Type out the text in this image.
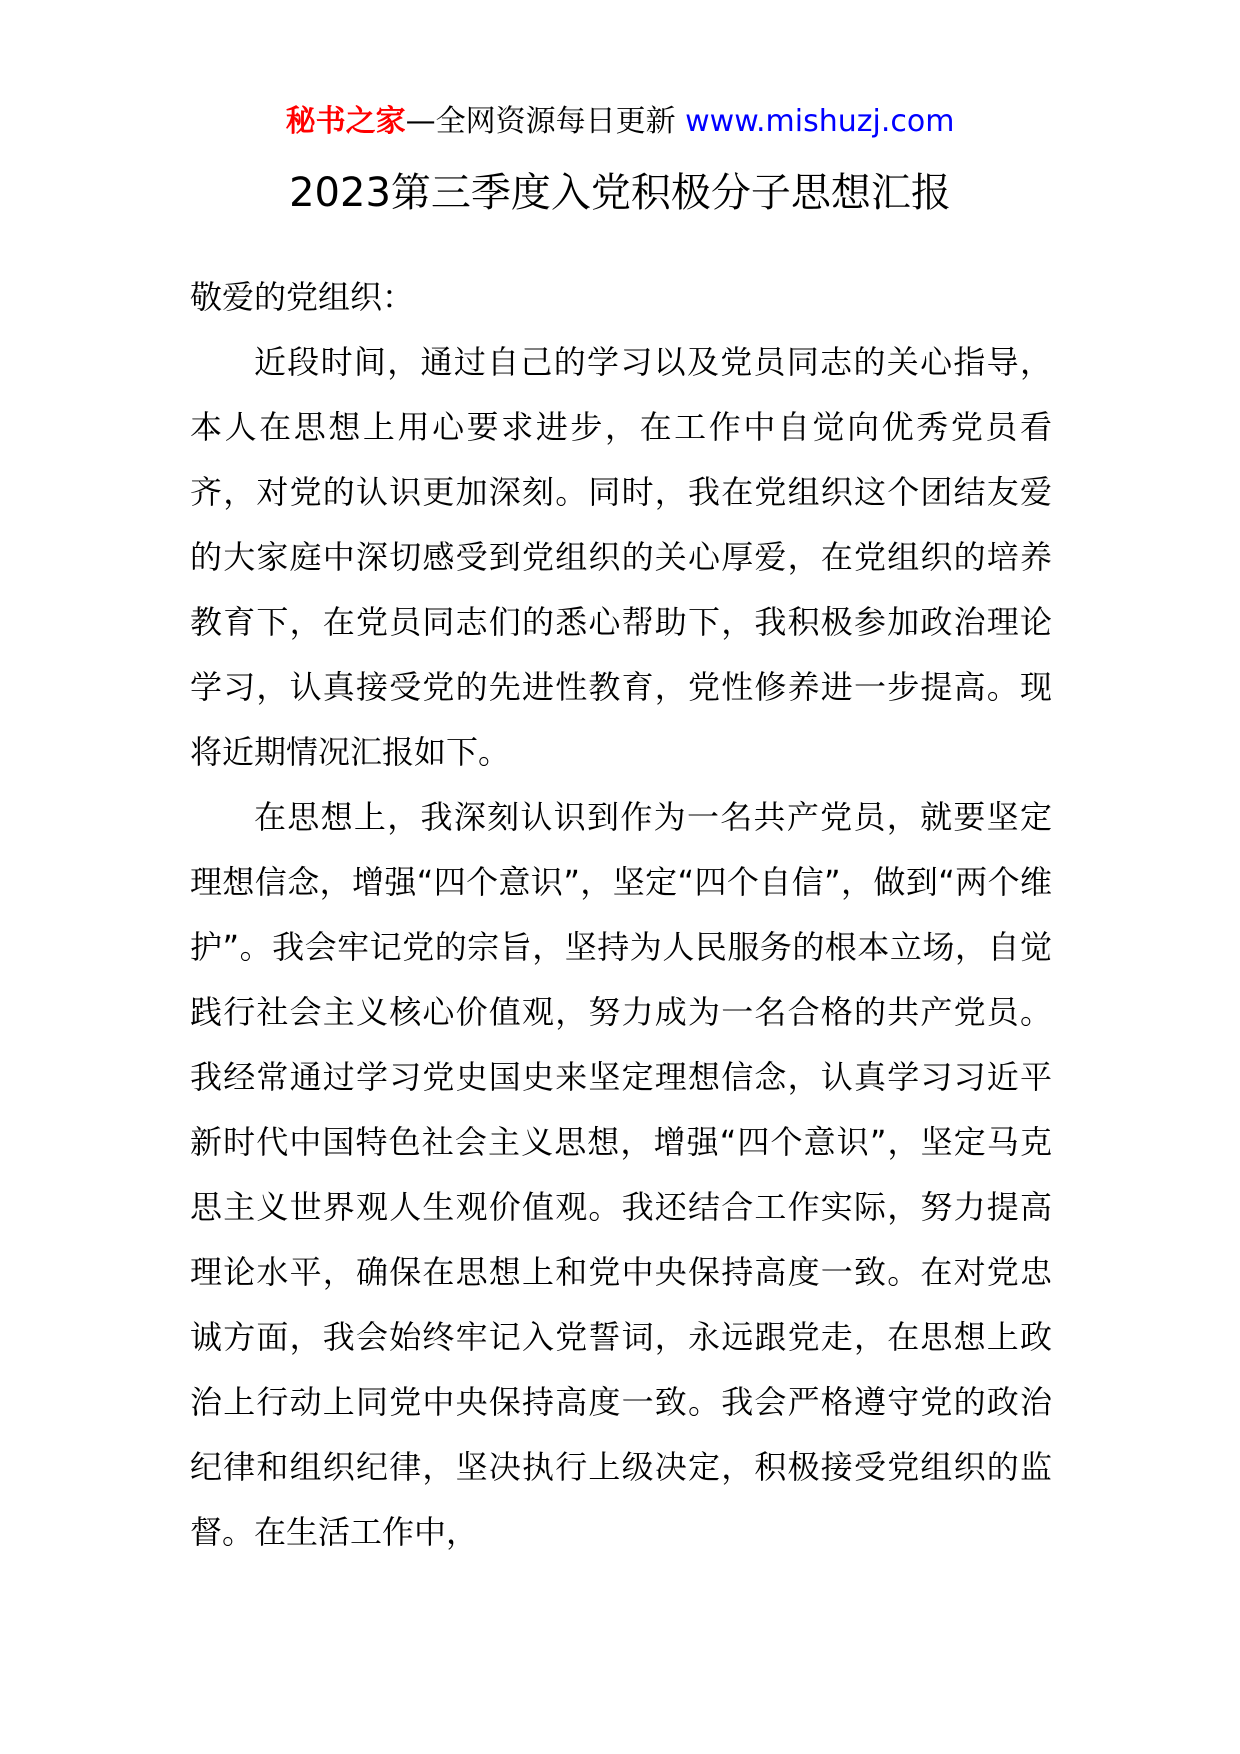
秘书之家—全网资源每日更新 www.mishuzj.com
2023第三季度入党积极分子思想汇报

敬爱的党组织：

近段时间，通过自己的学习以及党员同志的关心指导，本人在思想上用心要求进步，在工作中自觉向优秀党员看齐，对党的认识更加深刻。同时，我在党组织这个团结友爱的大家庭中深切感受到党组织的关心厚爱，在党组织的培养教育下，在党员同志们的悉心帮助下，我积极参加政治理论学习，认真接受党的先进性教育，党性修养进一步提高。现将近期情况汇报如下。

在思想上，我深刻认识到作为一名共产党员，就要坚定理想信念，增强“四个意识”，坚定“四个自信”，做到“两个维护”。我会牢记党的宗旨，坚持为人民服务的根本立场，自觉践行社会主义核心价值观，努力成为一名合格的共产党员。我经常通过学习党史国史来坚定理想信念，认真学习习近平新时代中国特色社会主义思想，增强“四个意识”，坚定马克思主义世界观人生观价值观。我还结合工作实际，努力提高理论水平，确保在思想上和党中央保持高度一致。在对党忠诚方面，我会始终牢记入党誓词，永远跟党走，在思想上政治上行动上同党中央保持高度一致。我会严格遵守党的政治纪律和组织纪律，坚决执行上级决定，积极接受党组织的监督。在生活工作中，
